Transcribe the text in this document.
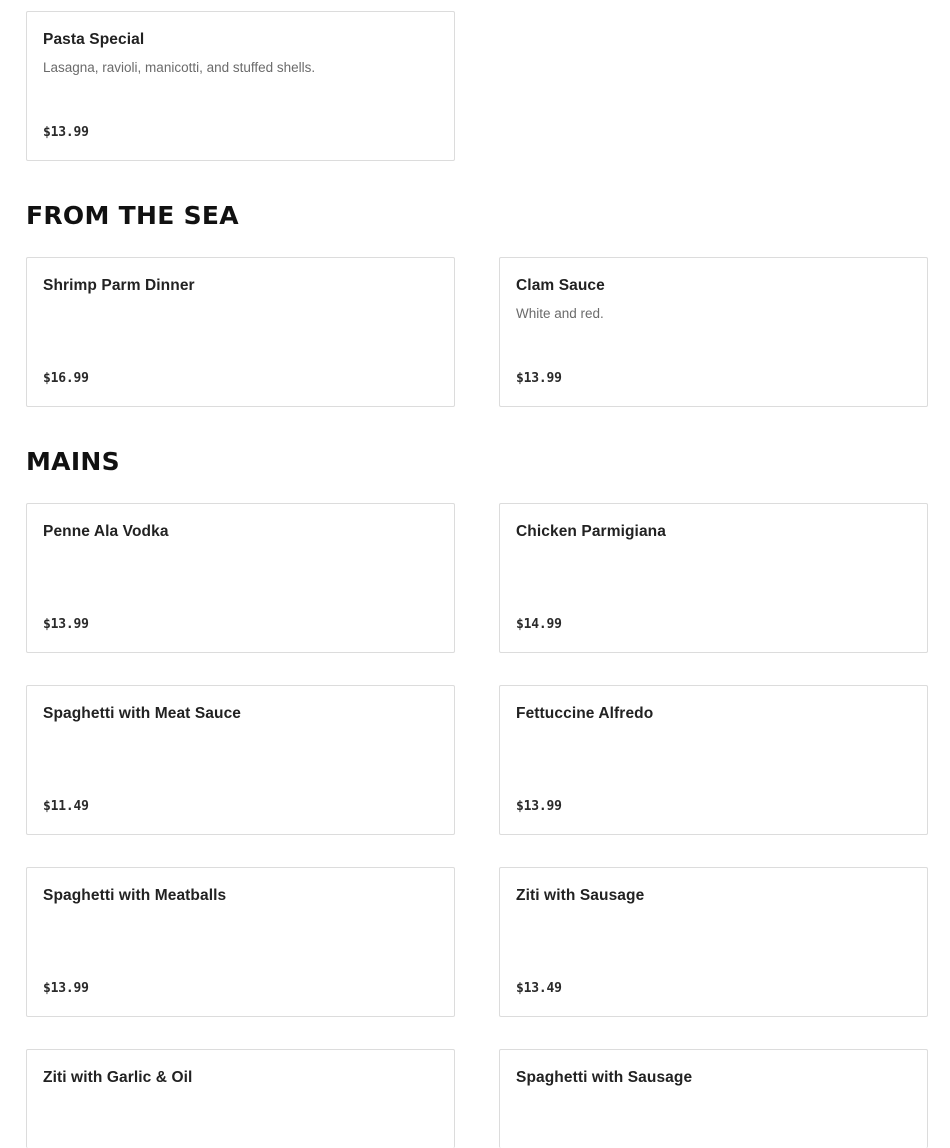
Pasta Special
Lasagna, ravioli, manicotti, and stuffed shells.
$13.99
FROM THE SEA
Shrimp Parm Dinner
$16.99
Clam Sauce
White and red.
$13.99
MAINS
Penne Ala Vodka
$13.99
Chicken Parmigiana
$14.99
Spaghetti with Meat Sauce
$11.49
Fettuccine Alfredo
$13.99
Spaghetti with Meatballs
$13.99
Ziti with Sausage
$13.49
Ziti with Garlic & Oil	Spaghetti with Sausage
